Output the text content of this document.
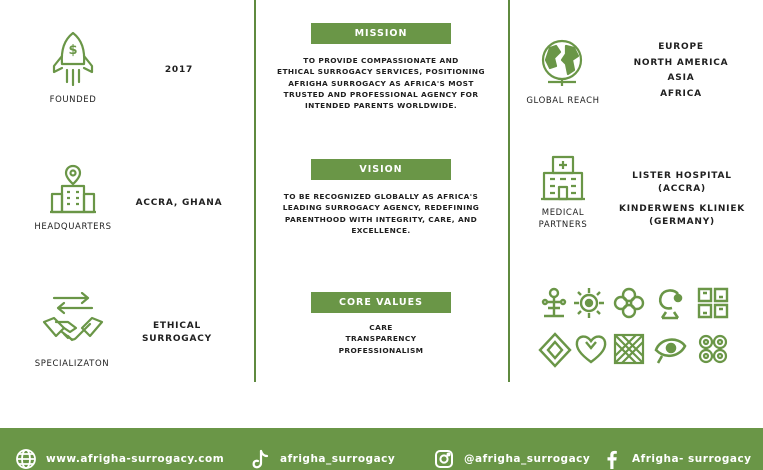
$
FOUNDED
2017
HEADQUARTERS
ACCRA, GHANA
SPECIALIZATON
ETHICAL
SURROGACY
MISSION
TO PROVIDE COMPASSIONATE AND
ETHICAL SURROGACY SERVICES, POSITIONING
AFRIGHA SURROGACY AS AFRICA'S MOST
TRUSTED AND PROFESSIONAL AGENCY FOR
INTENDED PARENTS WORLDWIDE.
VISION
TO BE RECOGNIZED GLOBALLY AS AFRICA'S
LEADING SURROGACY AGENCY, REDEFINING
PARENTHOOD WITH INTEGRITY, CARE, AND
EXCELLENCE.
CORE VALUES
CARE
TRANSPARENCY
PROFESSIONALISM
GLOBAL REACH
EUROPE
NORTH AMERICA
ASIA
AFRICA
MEDICAL
PARTNERS
LISTER HOSPITAL
(ACCRA)
KINDERWENS KLINIEK
(GERMANY)
www.afrigha-surrogacy.com	afrigha_surrogacy	@afrigha_surrogacy	Afrigha- surrogacy
